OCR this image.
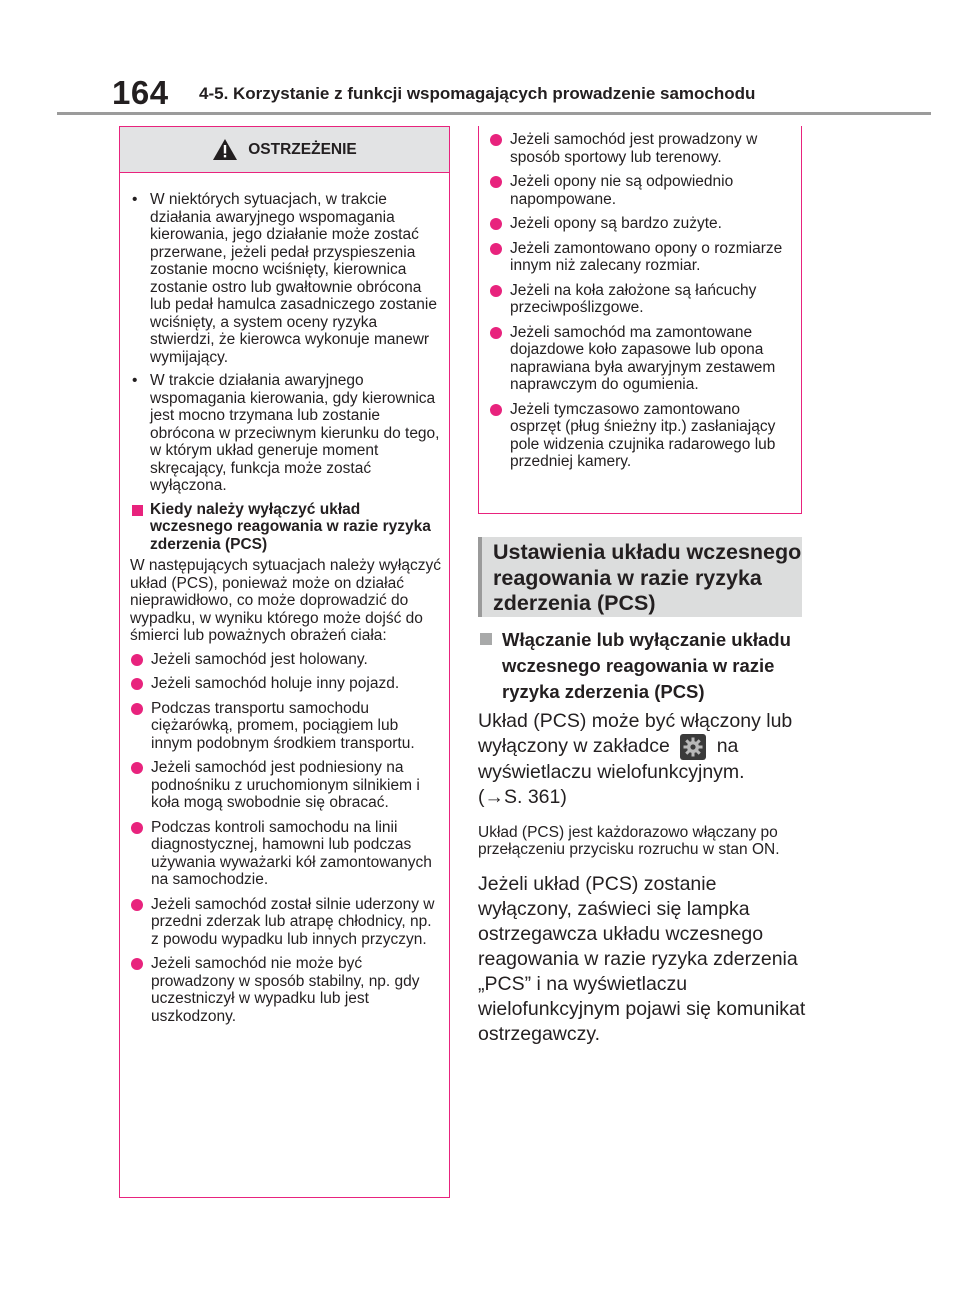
164 4-5. Korzystanie z funkcji wspomagających prowadzenie samochodu
OSTRZEŻENIE
• W niektórych sytuacjach, w trakcie działania awaryjnego wspomagania kierowania, jego działanie może zostać przerwane, jeżeli pedał przyspieszenia zostanie mocno wciśnięty, kierownica zostanie ostro lub gwałtownie obrócona lub pedał hamulca zasadniczego zostanie wciśnięty, a system oceny ryzyka stwierdzi, że kierowca wykonuje manewr wymijający.
• W trakcie działania awaryjnego wspomagania kierowania, gdy kierownica jest mocno trzymana lub zostanie obrócona w przeciwnym kierunku do tego, w którym układ generuje moment skręcający, funkcja może zostać wyłączona.
Kiedy należy wyłączyć układ wczesnego reagowania w razie ryzyka zderzenia (PCS)
W następujących sytuacjach należy wyłączyć układ (PCS), ponieważ może on działać nieprawidłowo, co może doprowadzić do wypadku, w wyniku którego może dojść do śmierci lub poważnych obrażeń ciała:
Jeżeli samochód jest holowany.
Jeżeli samochód holuje inny pojazd.
Podczas transportu samochodu ciężarówką, promem, pociągiem lub innym podobnym środkiem transportu.
Jeżeli samochód jest podniesiony na podnośniku z uruchomionym silnikiem i koła mogą swobodnie się obracać.
Podczas kontroli samochodu na linii diagnostycznej, hamowni lub podczas używania wyważarki kół zamontowanych na samochodzie.
Jeżeli samochód został silnie uderzony w przedni zderzak lub atrapę chłodnicy, np. z powodu wypadku lub innych przyczyn.
Jeżeli samochód nie może być prowadzony w sposób stabilny, np. gdy uczestniczył w wypadku lub jest uszkodzony.
Jeżeli samochód jest prowadzony w sposób sportowy lub terenowy.
Jeżeli opony nie są odpowiednio napompowane.
Jeżeli opony są bardzo zużyte.
Jeżeli zamontowano opony o rozmiarze innym niż zalecany rozmiar.
Jeżeli na koła założone są łańcuchy przeciwpoślizgowe.
Jeżeli samochód ma zamontowane dojazdowe koło zapasowe lub opona naprawiana była awaryjnym zestawem naprawczym do ogumienia.
Jeżeli tymczasowo zamontowano osprzęt (pług śnieżny itp.) zasłaniający pole widzenia czujnika radarowego lub przedniej kamery.
Ustawienia układu wczesnego reagowania w razie ryzyka zderzenia (PCS)
Włączanie lub wyłączanie układu wczesnego reagowania w razie ryzyka zderzenia (PCS)
Układ (PCS) może być włączony lub wyłączony w zakładce na wyświetlaczu wielofunkcyjnym.
(→S. 361)
Układ (PCS) jest każdorazowo włączany po przełączeniu przycisku rozruchu w stan ON.
Jeżeli układ (PCS) zostanie wyłączony, zaświeci się lampka ostrzegawcza układu wczesnego reagowania w razie ryzyka zderzenia „PCS” i na wyświetlaczu wielofunkcyjnym pojawi się komunikat ostrzegawczy.
